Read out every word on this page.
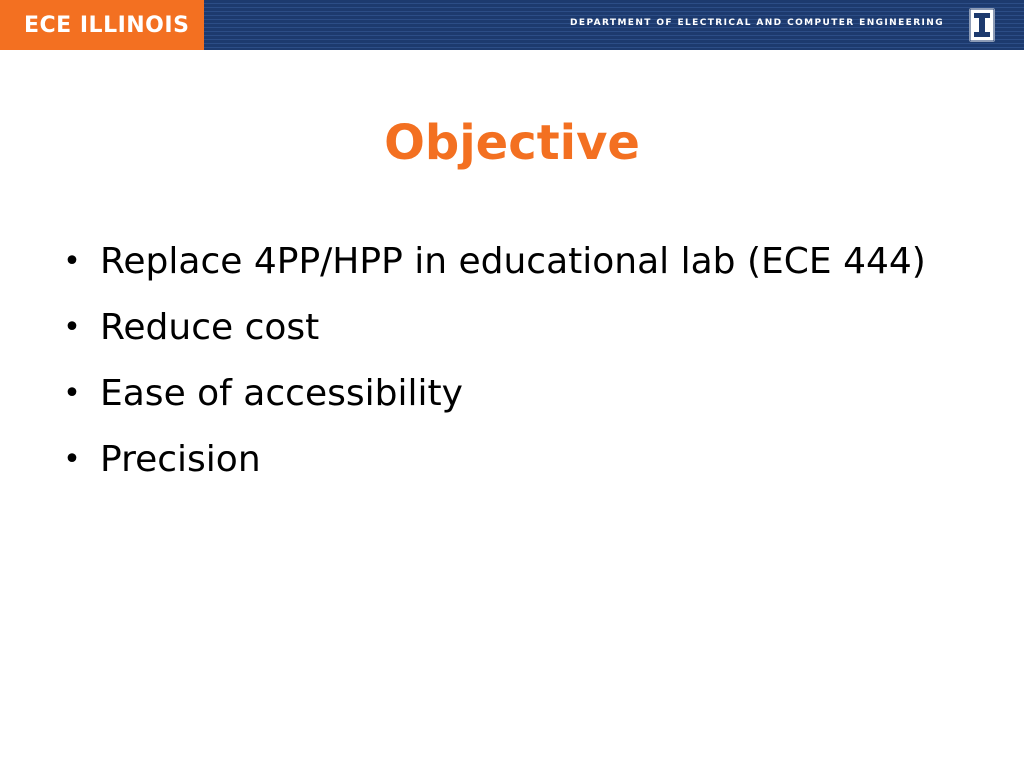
ECE ILLINOIS	DEPARTMENT OF ELECTRICAL AND COMPUTER ENGINEERING
Objective
• Replace 4PP/HPP in educational lab (ECE 444)
• Reduce cost
• Ease of accessibility
• Precision
